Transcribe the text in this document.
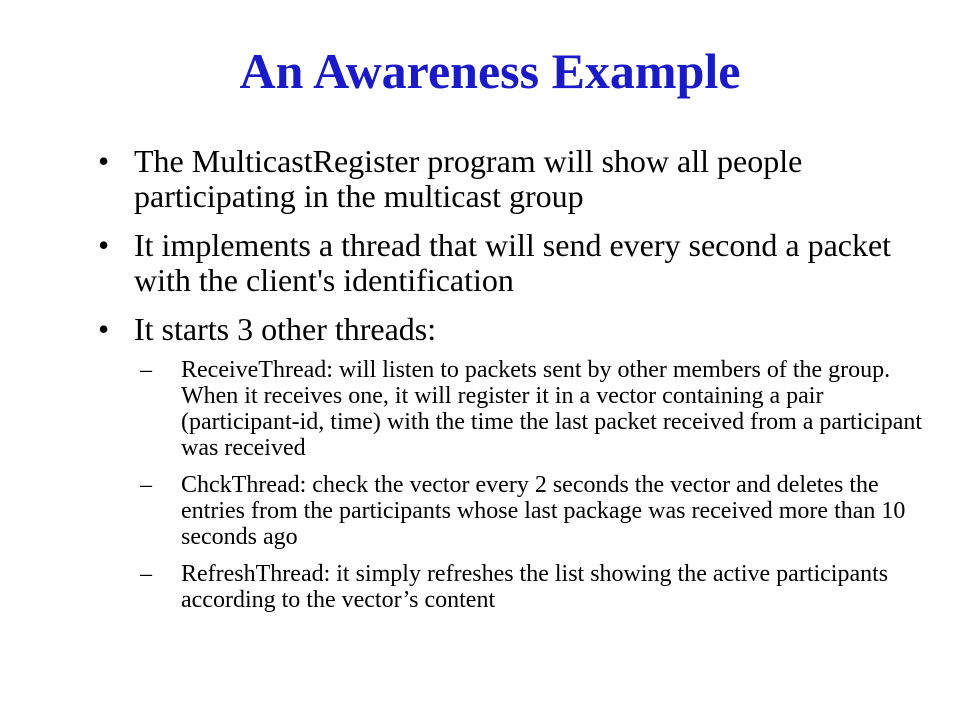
An Awareness Example
• The MulticastRegister program will show all people participating in the multicast group
• It implements a thread that will send every second a packet with the client's identification
• It starts 3 other threads:
– ReceiveThread: will listen to packets sent by other members of the group. When it receives one, it will register it in a vector containing a pair (participant-id, time) with the time the last packet received from a participant was received
– ChckThread: check the vector every 2 seconds the vector and deletes the entries from the participants whose last package was received more than 10 seconds ago
– RefreshThread: it simply refreshes the list showing the active participants according to the vector’s content
